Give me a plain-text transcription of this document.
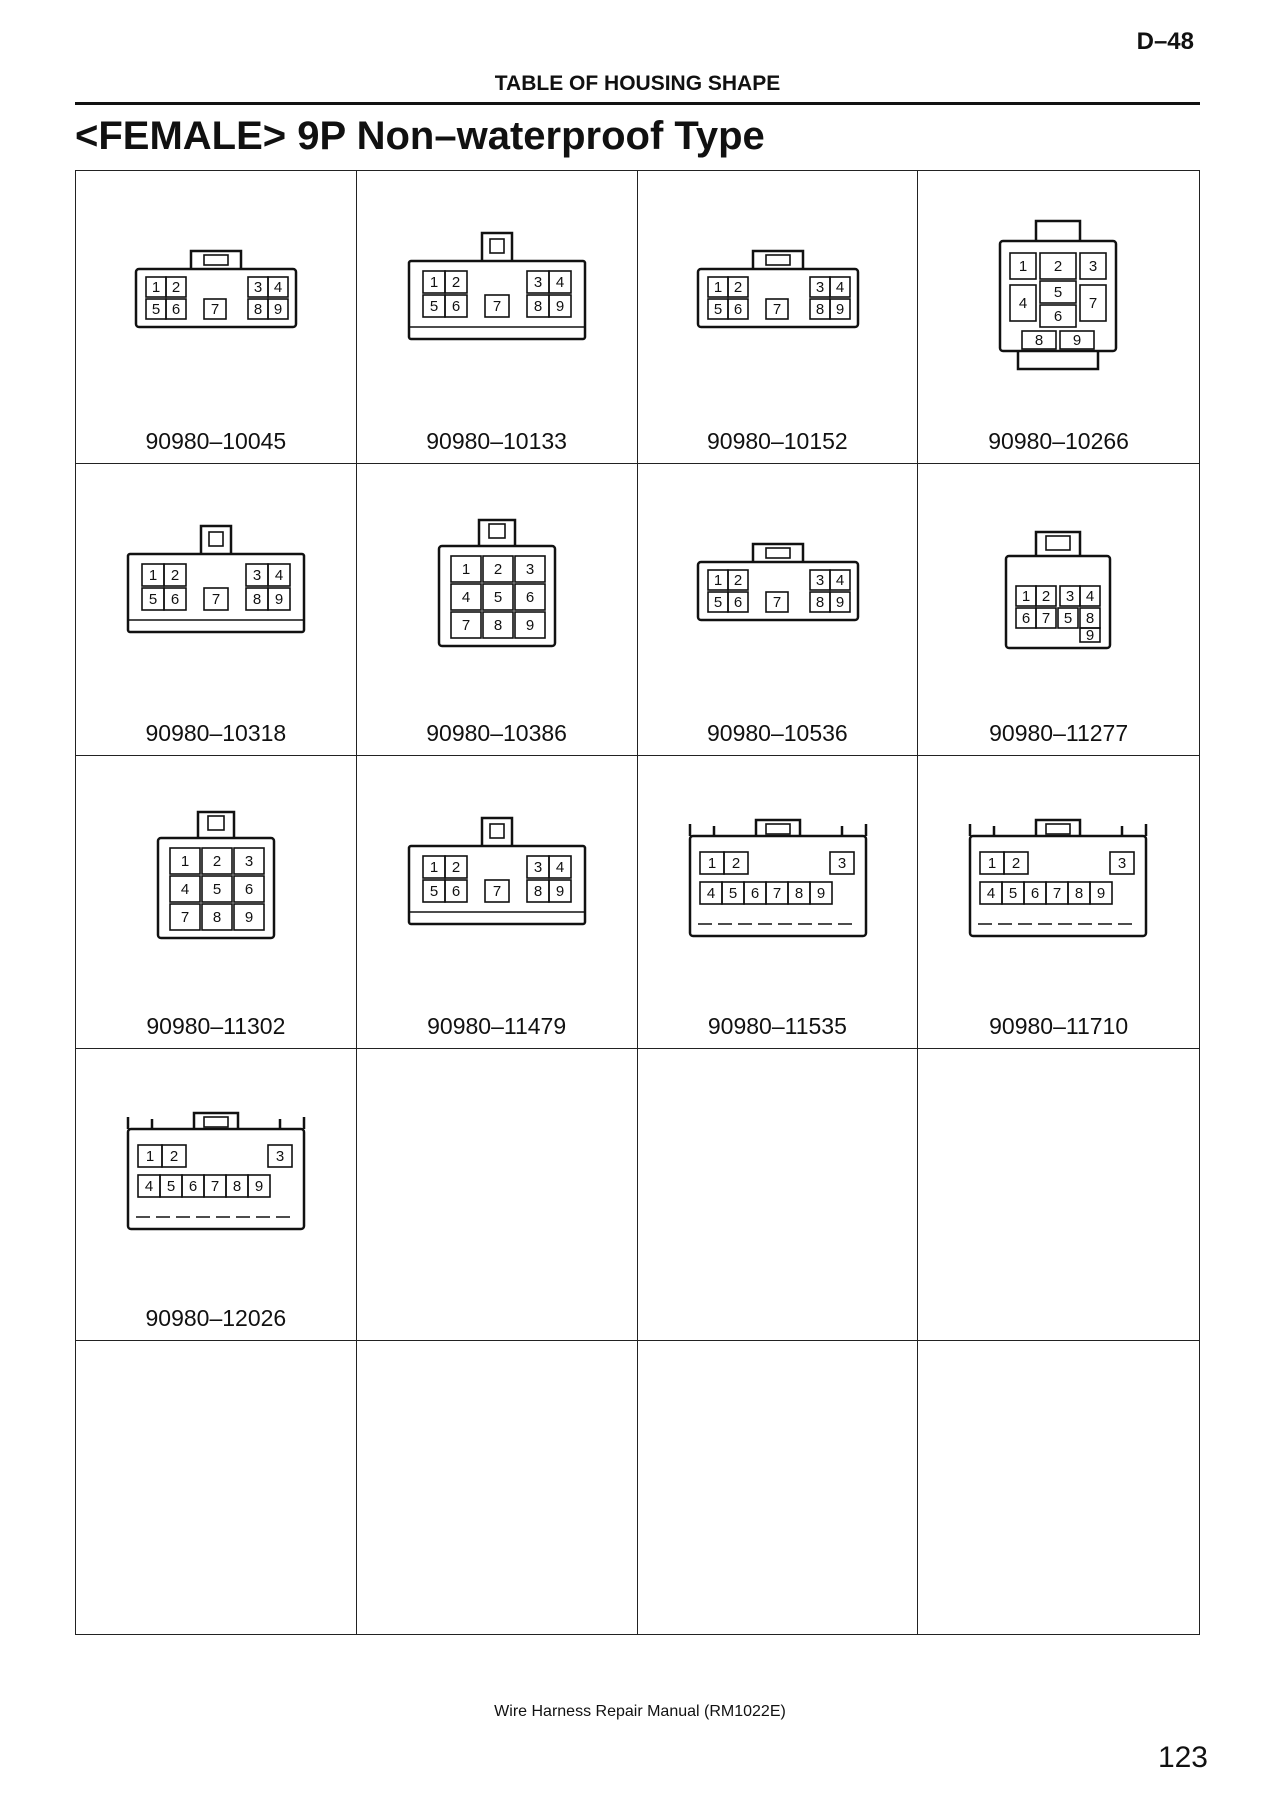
D–48
TABLE OF HOUSING SHAPE
<FEMALE> 9P Non–waterproof Type
1 2	3 4
5 6 7 8 9
90980–10045
1 2	3 4
5 6 7 8 9
90980–10133
1 2	3 4
5 6 7 8 9
90980–10152
1 2 3
4
5
6
7
8 9
90980–10266
1 2	3 4
5 6 7 8 9
90980–10318
1 2 3
4 5 6
7 8 9
90980–10386
1 2	3 4
5 6 7 8 9
90980–10536
1 2 3 4
6 7 5 8
9
90980–11277
1 2 3
4 5 6
7 8 9
90980–11302
1 2	3 4
5 6 7 8 9
90980–11479
1 2	3
4 5 6 7 8 9
90980–11535
1 2	3
4 5 6 7 8 9
90980–11710
1 2	3
4 5 6 7 8 9
90980–12026
Wire Harness Repair Manual (RM1022E)
123
